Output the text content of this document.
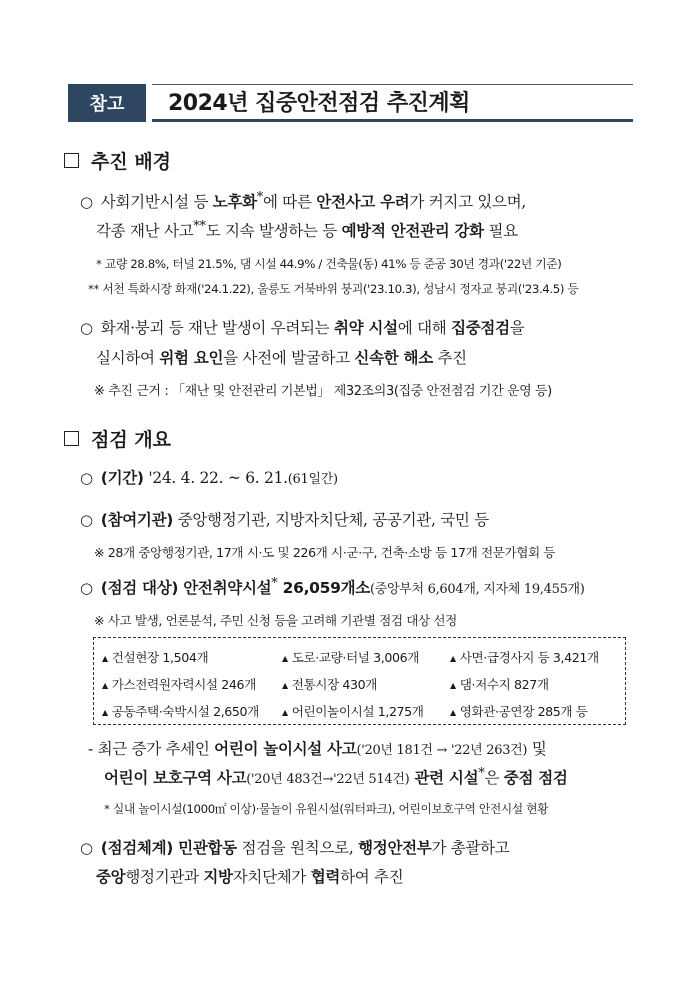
참고	2024년 집중안전점검 추진계획
추진 배경
○ 사회기반시설 등 노후화*에 따른 안전사고 우려가 커지고 있으며,
각종 재난 사고**도 지속 발생하는 등 예방적 안전관리 강화 필요
* 교량 28.8%, 터널 21.5%, 댐 시설 44.9% / 건축물(동) 41% 등 준공 30년 경과('22년 기준)
** 서천 특화시장 화재('24.1.22), 울릉도 거북바위 붕괴('23.10.3), 성남시 정자교 붕괴('23.4.5) 등
○ 화재·붕괴 등 재난 발생이 우려되는 취약 시설에 대해 집중점검을
실시하여 위험 요인을 사전에 발굴하고 신속한 해소 추진
※ 추진 근거 : 「재난 및 안전관리 기본법」 제32조의3(집중 안전점검 기간 운영 등)
점검 개요
○ (기간) '24. 4. 22. ~ 6. 21.(61일간)
○ (참여기관) 중앙행정기관, 지방자치단체, 공공기관, 국민 등
※ 28개 중앙행정기관, 17개 시·도 및 226개 시·군·구, 건축·소방 등 17개 전문가협회 등
○ (점검 대상) 안전취약시설* 26,059개소(중앙부처 6,604개, 지자체 19,455개)
※ 사고 발생, 언론분석, 주민 신청 등을 고려해 기관별 점검 대상 선정
▲ 건설현장 1,504개	▲ 도로·교량·터널 3,006개	▲ 사면·급경사지 등 3,421개
▲ 가스전력원자력시설 246개	▲ 전통시장 430개	▲ 댐·저수지 827개
▲ 공동주택·숙박시설 2,650개	▲ 어린이놀이시설 1,275개	▲ 영화관·공연장 285개 등
- 최근 증가 추세인 어린이 놀이시설 사고('20년 181건 → '22년 263건) 및
어린이 보호구역 사고('20년 483건→'22년 514건) 관련 시설*은 중점 점검
* 실내 놀이시설(1000㎡ 이상)·물놀이 유원시설(워터파크), 어린이보호구역 안전시설 현황
○ (점검체계) 민관합동 점검을 원칙으로, 행정안전부가 총괄하고
중앙행정기관과 지방자치단체가 협력하여 추진
